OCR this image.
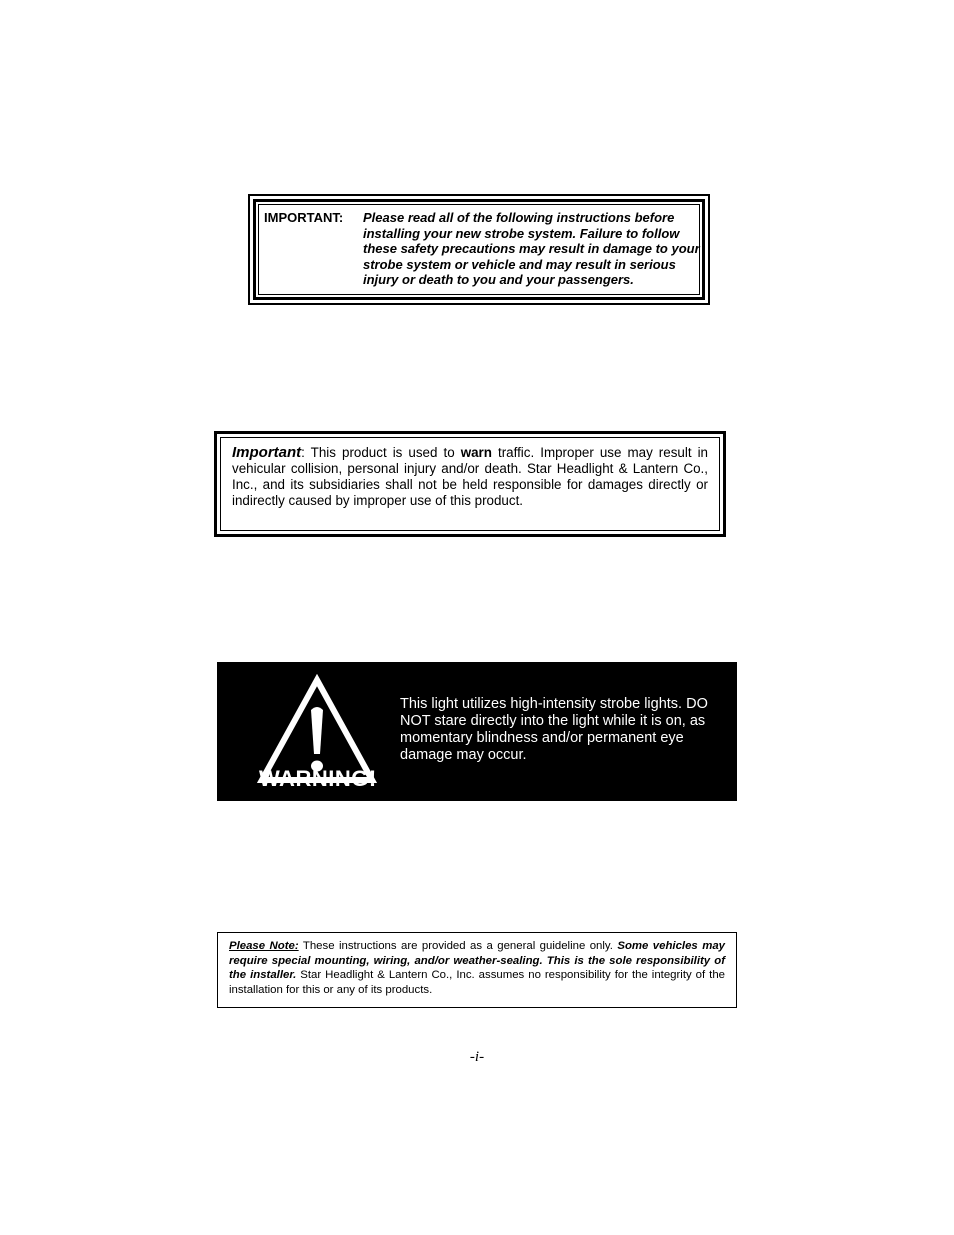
IMPORTANT: Please read all of the following instructions before installing your new strobe system. Failure to follow these safety precautions may result in damage to your strobe system or vehicle and may result in serious injury or death to you and your passengers.
Important: This product is used to warn traffic. Improper use may result in vehicular collision, personal injury and/or death. Star Headlight & Lantern Co., Inc., and its subsidiaries shall not be held responsible for damages directly or indirectly caused by improper use of this product.
WARNING!
This light utilizes high-intensity strobe lights. DO NOT stare directly into the light while it is on, as momentary blindness and/or permanent eye damage may occur.
Please Note: These instructions are provided as a general guideline only. Some vehicles may require special mounting, wiring, and/or weather-sealing. This is the sole responsibility of the installer. Star Headlight & Lantern Co., Inc. assumes no responsibility for the integrity of the installation for this or any of its products.
-i-
